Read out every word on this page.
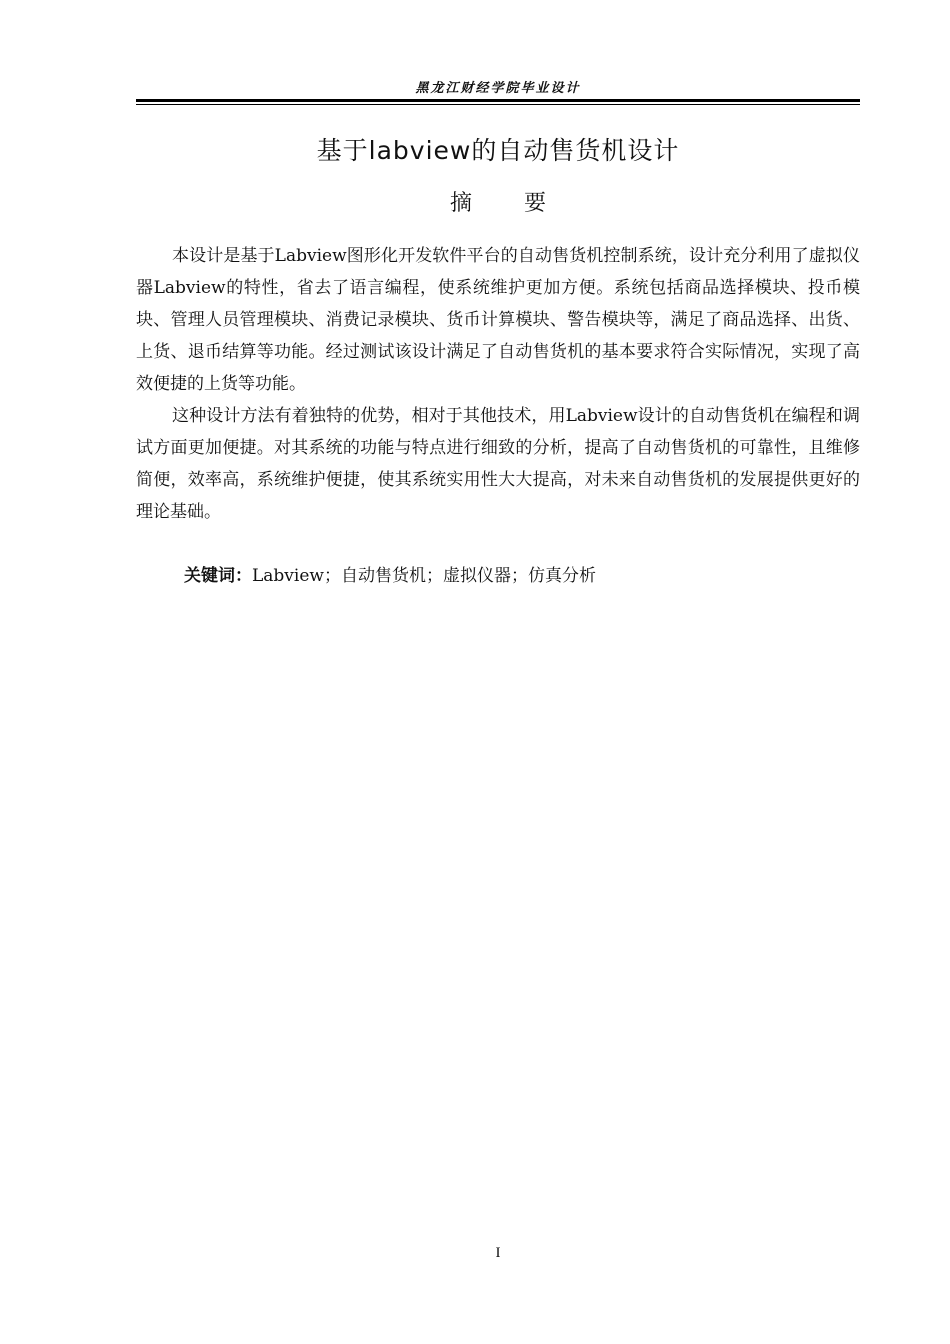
黑龙江财经学院毕业设计
基于labview的自动售货机设计
摘要

本设计是基于Labview图形化开发软件平台的自动售货机控制系统，设计充分利用了虚拟仪器Labview的特性，省去了语言编程，使系统维护更加方便。系统包括商品选择模块、投币模块、管理人员管理模块、消费记录模块、货币计算模块、警告模块等，满足了商品选择、出货、上货、退币结算等功能。经过测试该设计满足了自动售货机的基本要求符合实际情况，实现了高效便捷的上货等功能。

这种设计方法有着独特的优势，相对于其他技术，用Labview设计的自动售货机在编程和调试方面更加便捷。对其系统的功能与特点进行细致的分析，提高了自动售货机的可靠性，且维修简便，效率高，系统维护便捷，使其系统实用性大大提高，对未来自动售货机的发展提供更好的理论基础。

关键词：Labview；自动售货机；虚拟仪器；仿真分析
I
